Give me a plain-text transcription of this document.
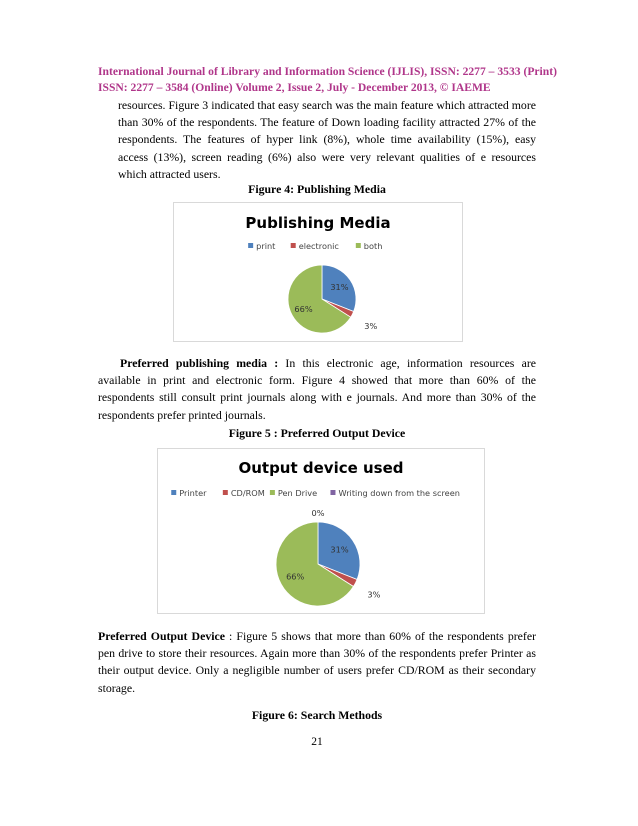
International Journal of Library and Information Science (IJLIS), ISSN: 2277 – 3533 (Print)
ISSN: 2277 – 3584 (Online) Volume 2, Issue 2, July - December 2013, © IAEME

resources. Figure 3 indicated that easy search was the main feature which attracted more than 30% of the respondents. The feature of Down loading facility attracted 27% of the respondents. The features of hyper link (8%), whole time availability (15%), easy access (13%), screen reading (6%) also were very relevant qualities of e resources which attracted users.

Figure 4: Publishing Media

Publishing Media
print	electronic	both
31%
3%
66%

Preferred publishing media : In this electronic age, information resources are available in print and electronic form. Figure 4 showed that more than 60% of the respondents still consult print journals along with e journals. And more than 30% of the respondents prefer printed journals.

Figure 5 : Preferred Output Device

Output device used
Printer	CD/ROM Pen Drive	Writing down from the screen
31%
3%
66%
0%

Preferred Output Device : Figure 5 shows that more than 60% of the respondents prefer pen drive to store their resources. Again more than 30% of the respondents prefer Printer as their output device. Only a negligible number of users prefer CD/ROM as their secondary storage.

Figure 6: Search Methods

21
